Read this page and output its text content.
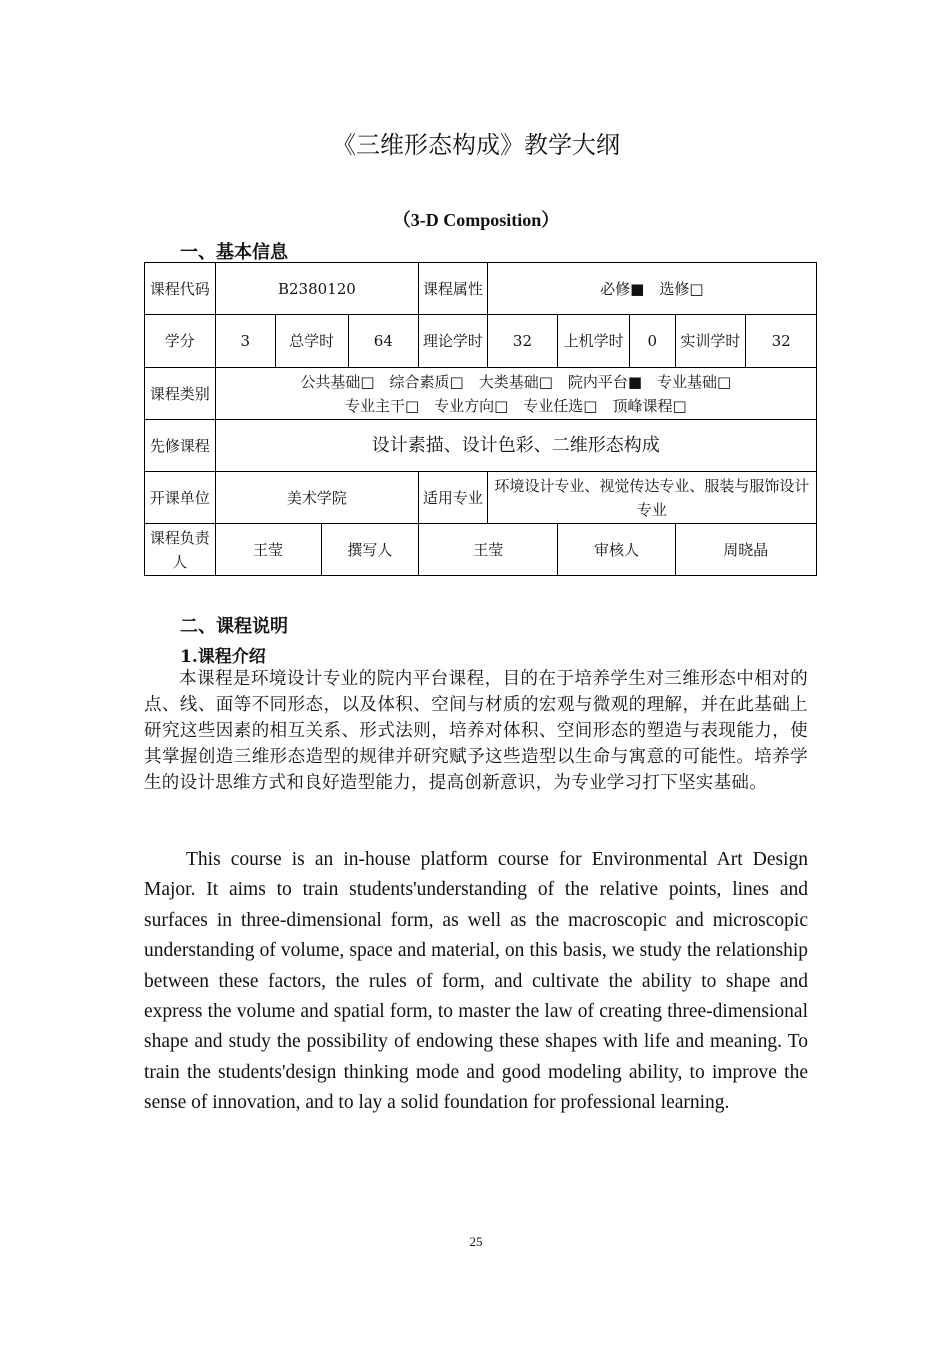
《三维形态构成》教学大纲
（3-D Composition）
一、基本信息
课程代码	B2380120				课程属性	必修■　选修□				
学分	3	总学时		64	理论学时	32	上机学时	0	实训学时	32
课程类别	公共基础□　综合素质□　大类基础□　院内平台■　专业基础□
专业主干□　专业方向□　专业任选□　顶峰课程□									

先修课程	设计素描、设计色彩、二维形态构成									
开课单位	美术学院				适用专业	环境设计专业、视觉传达专业、服装与服饰设计专业				
课程负责人	王莹		撰写人		王莹		审核人		周晓晶	
二、课程说明
1.课程介绍
本课程是环境设计专业的院内平台课程，目的在于培养学生对三维形态中相对的点、线、面等不同形态，以及体积、空间与材质的宏观与微观的理解，并在此基础上研究这些因素的相互关系、形式法则，培养对体积、空间形态的塑造与表现能力，使其掌握创造三维形态造型的规律并研究赋予这些造型以生命与寓意的可能性。培养学生的设计思维方式和良好造型能力，提高创新意识，为专业学习打下坚实基础。
This course is an in-house platform course for Environmental Art Design Major. It aims to train students'understanding of the relative points, lines and surfaces in three-dimensional form, as well as the macroscopic and microscopic understanding of volume, space and material, on this basis, we study the relationship between these factors, the rules of form, and cultivate the ability to shape and express the volume and spatial form, to master the law of creating three-dimensional shape and study the possibility of endowing these shapes with life and meaning. To train the students'design thinking mode and good modeling ability, to improve the sense of innovation, and to lay a solid foundation for professional learning.
25
